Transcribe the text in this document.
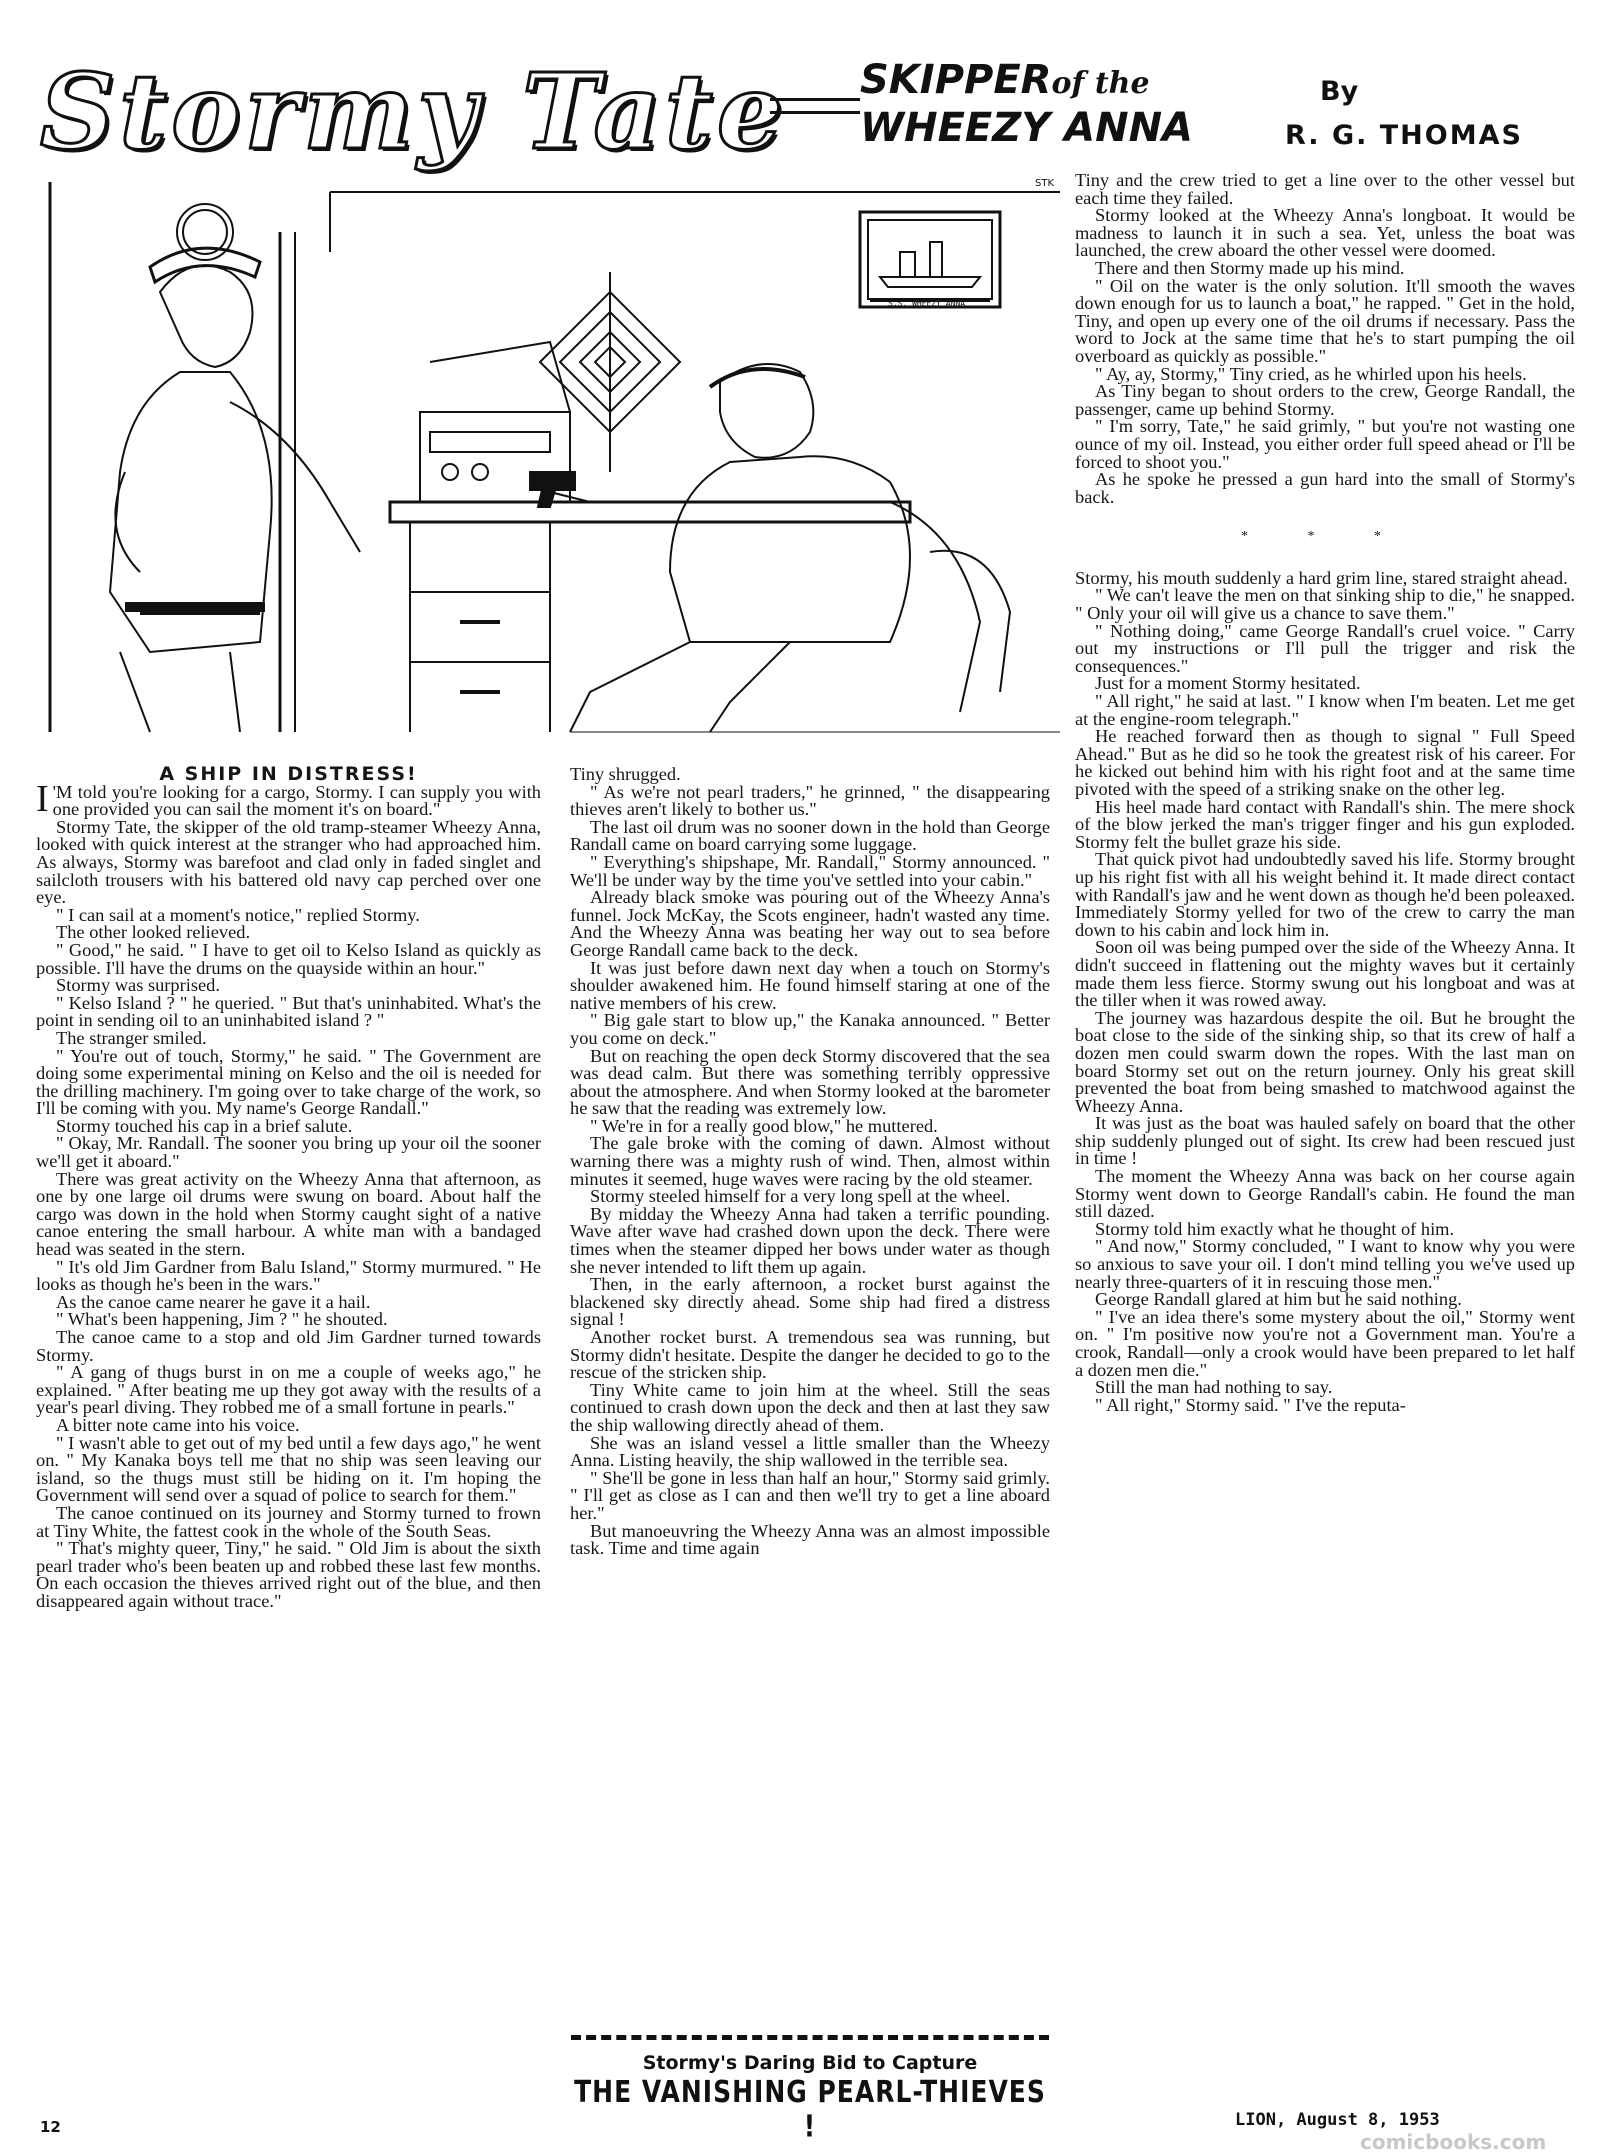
Stormy Tate SKIPPERof the
WHEEZY ANNA
By
R. G. THOMAS
S.S. WHEEZY ANNA
STK

A SHIP IN DISTRESS!

I 'M told you're looking for a cargo, Stormy. I can supply you with one provided you can sail the moment it's on board."

Stormy Tate, the skipper of the old tramp-steamer Wheezy Anna, looked with quick interest at the stranger who had approached him. As always, Stormy was barefoot and clad only in faded singlet and sailcloth trousers with his battered old navy cap perched over one eye.

" I can sail at a moment's notice," replied Stormy.

The other looked relieved.

" Good," he said. " I have to get oil to Kelso Island as quickly as possible. I'll have the drums on the quayside within an hour."

Stormy was surprised.

" Kelso Island ? " he queried. " But that's uninhabited. What's the point in sending oil to an uninhabited island ? "

The stranger smiled.

" You're out of touch, Stormy," he said. " The Government are doing some experimental mining on Kelso and the oil is needed for the drilling machinery. I'm going over to take charge of the work, so I'll be coming with you. My name's George Randall."

Stormy touched his cap in a brief salute.

" Okay, Mr. Randall. The sooner you bring up your oil the sooner we'll get it aboard."

There was great activity on the Wheezy Anna that afternoon, as one by one large oil drums were swung on board. About half the cargo was down in the hold when Stormy caught sight of a native canoe entering the small harbour. A white man with a bandaged head was seated in the stern.

" It's old Jim Gardner from Balu Island," Stormy murmured. " He looks as though he's been in the wars."

As the canoe came nearer he gave it a hail.

" What's been happening, Jim ? " he shouted.

The canoe came to a stop and old Jim Gardner turned towards Stormy.

" A gang of thugs burst in on me a couple of weeks ago," he explained. " After beating me up they got away with the results of a year's pearl diving. They robbed me of a small fortune in pearls."

A bitter note came into his voice.

" I wasn't able to get out of my bed until a few days ago," he went on. " My Kanaka boys tell me that no ship was seen leaving our island, so the thugs must still be hiding on it. I'm hoping the Government will send over a squad of police to search for them."

The canoe continued on its journey and Stormy turned to frown at Tiny White, the fattest cook in the whole of the South Seas.

" That's mighty queer, Tiny," he said. " Old Jim is about the sixth pearl trader who's been beaten up and robbed these last few months. On each occasion the thieves arrived right out of the blue, and then disappeared again without trace."

Tiny shrugged.

" As we're not pearl traders," he grinned, " the disappearing thieves aren't likely to bother us."

The last oil drum was no sooner down in the hold than George Randall came on board carrying some luggage.

" Everything's shipshape, Mr. Randall," Stormy announced. " We'll be under way by the time you've settled into your cabin."

Already black smoke was pouring out of the Wheezy Anna's funnel. Jock McKay, the Scots engineer, hadn't wasted any time. And the Wheezy Anna was beating her way out to sea before George Randall came back to the deck.

It was just before dawn next day when a touch on Stormy's shoulder awakened him. He found himself staring at one of the native members of his crew.

" Big gale start to blow up," the Kanaka announced. " Better you come on deck."

But on reaching the open deck Stormy discovered that the sea was dead calm. But there was something terribly oppressive about the atmosphere. And when Stormy looked at the barometer he saw that the reading was extremely low.

" We're in for a really good blow," he muttered.

The gale broke with the coming of dawn. Almost without warning there was a mighty rush of wind. Then, almost within minutes it seemed, huge waves were racing by the old steamer.

Stormy steeled himself for a very long spell at the wheel.

By midday the Wheezy Anna had taken a terrific pounding. Wave after wave had crashed down upon the deck. There were times when the steamer dipped her bows under water as though she never intended to lift them up again.

Then, in the early afternoon, a rocket burst against the blackened sky directly ahead. Some ship had fired a distress signal !

Another rocket burst. A tremendous sea was running, but Stormy didn't hesitate. Despite the danger he decided to go to the rescue of the stricken ship.

Tiny White came to join him at the wheel. Still the seas continued to crash down upon the deck and then at last they saw the ship wallowing directly ahead of them.

She was an island vessel a little smaller than the Wheezy Anna. Listing heavily, the ship wallowed in the terrible sea.

" She'll be gone in less than half an hour," Stormy said grimly. " I'll get as close as I can and then we'll try to get a line aboard her."

But manoeuvring the Wheezy Anna was an almost impossible task. Time and time again

Tiny and the crew tried to get a line over to the other vessel but each time they failed.

Stormy looked at the Wheezy Anna's longboat. It would be madness to launch it in such a sea. Yet, unless the boat was launched, the crew aboard the other vessel were doomed.

There and then Stormy made up his mind.

" Oil on the water is the only solution. It'll smooth the waves down enough for us to launch a boat," he rapped. " Get in the hold, Tiny, and open up every one of the oil drums if necessary. Pass the word to Jock at the same time that he's to start pumping the oil overboard as quickly as possible."

" Ay, ay, Stormy," Tiny cried, as he whirled upon his heels.

As Tiny began to shout orders to the crew, George Randall, the passenger, came up behind Stormy.

" I'm sorry, Tate," he said grimly, " but you're not wasting one ounce of my oil. Instead, you either order full speed ahead or I'll be forced to shoot you."

As he spoke he pressed a gun hard into the small of Stormy's back.

* * *

Stormy, his mouth suddenly a hard grim line, stared straight ahead.

" We can't leave the men on that sinking ship to die," he snapped. " Only your oil will give us a chance to save them."

" Nothing doing," came George Randall's cruel voice. " Carry out my instructions or I'll pull the trigger and risk the consequences."

Just for a moment Stormy hesitated.

" All right," he said at last. " I know when I'm beaten. Let me get at the engine-room telegraph."

He reached forward then as though to signal " Full Speed Ahead." But as he did so he took the greatest risk of his career. For he kicked out behind him with his right foot and at the same time pivoted with the speed of a striking snake on the other leg.

His heel made hard contact with Randall's shin. The mere shock of the blow jerked the man's trigger finger and his gun exploded. Stormy felt the bullet graze his side.

That quick pivot had undoubtedly saved his life. Stormy brought up his right fist with all his weight behind it. It made direct contact with Randall's jaw and he went down as though he'd been poleaxed. Immediately Stormy yelled for two of the crew to carry the man down to his cabin and lock him in.

Soon oil was being pumped over the side of the Wheezy Anna. It didn't succeed in flattening out the mighty waves but it certainly made them less fierce. Stormy swung out his longboat and was at the tiller when it was rowed away.

The journey was hazardous despite the oil. But he brought the boat close to the side of the sinking ship, so that its crew of half a dozen men could swarm down the ropes. With the last man on board Stormy set out on the return journey. Only his great skill prevented the boat from being smashed to matchwood against the Wheezy Anna.

It was just as the boat was hauled safely on board that the other ship suddenly plunged out of sight. Its crew had been rescued just in time !

The moment the Wheezy Anna was back on her course again Stormy went down to George Randall's cabin. He found the man still dazed.

Stormy told him exactly what he thought of him.

" And now," Stormy concluded, " I want to know why you were so anxious to save your oil. I don't mind telling you we've used up nearly three-quarters of it in rescuing those men."

George Randall glared at him but he said nothing.

" I've an idea there's some mystery about the oil," Stormy went on. " I'm positive now you're not a Government man. You're a crook, Randall—only a crook would have been prepared to let half a dozen men die."

Still the man had nothing to say.

" All right," Stormy said. " I've the reputa-

Stormy's Daring Bid to Capture
THE VANISHING PEARL-THIEVES !
12	LION, August 8, 1953
comicbooks.com
